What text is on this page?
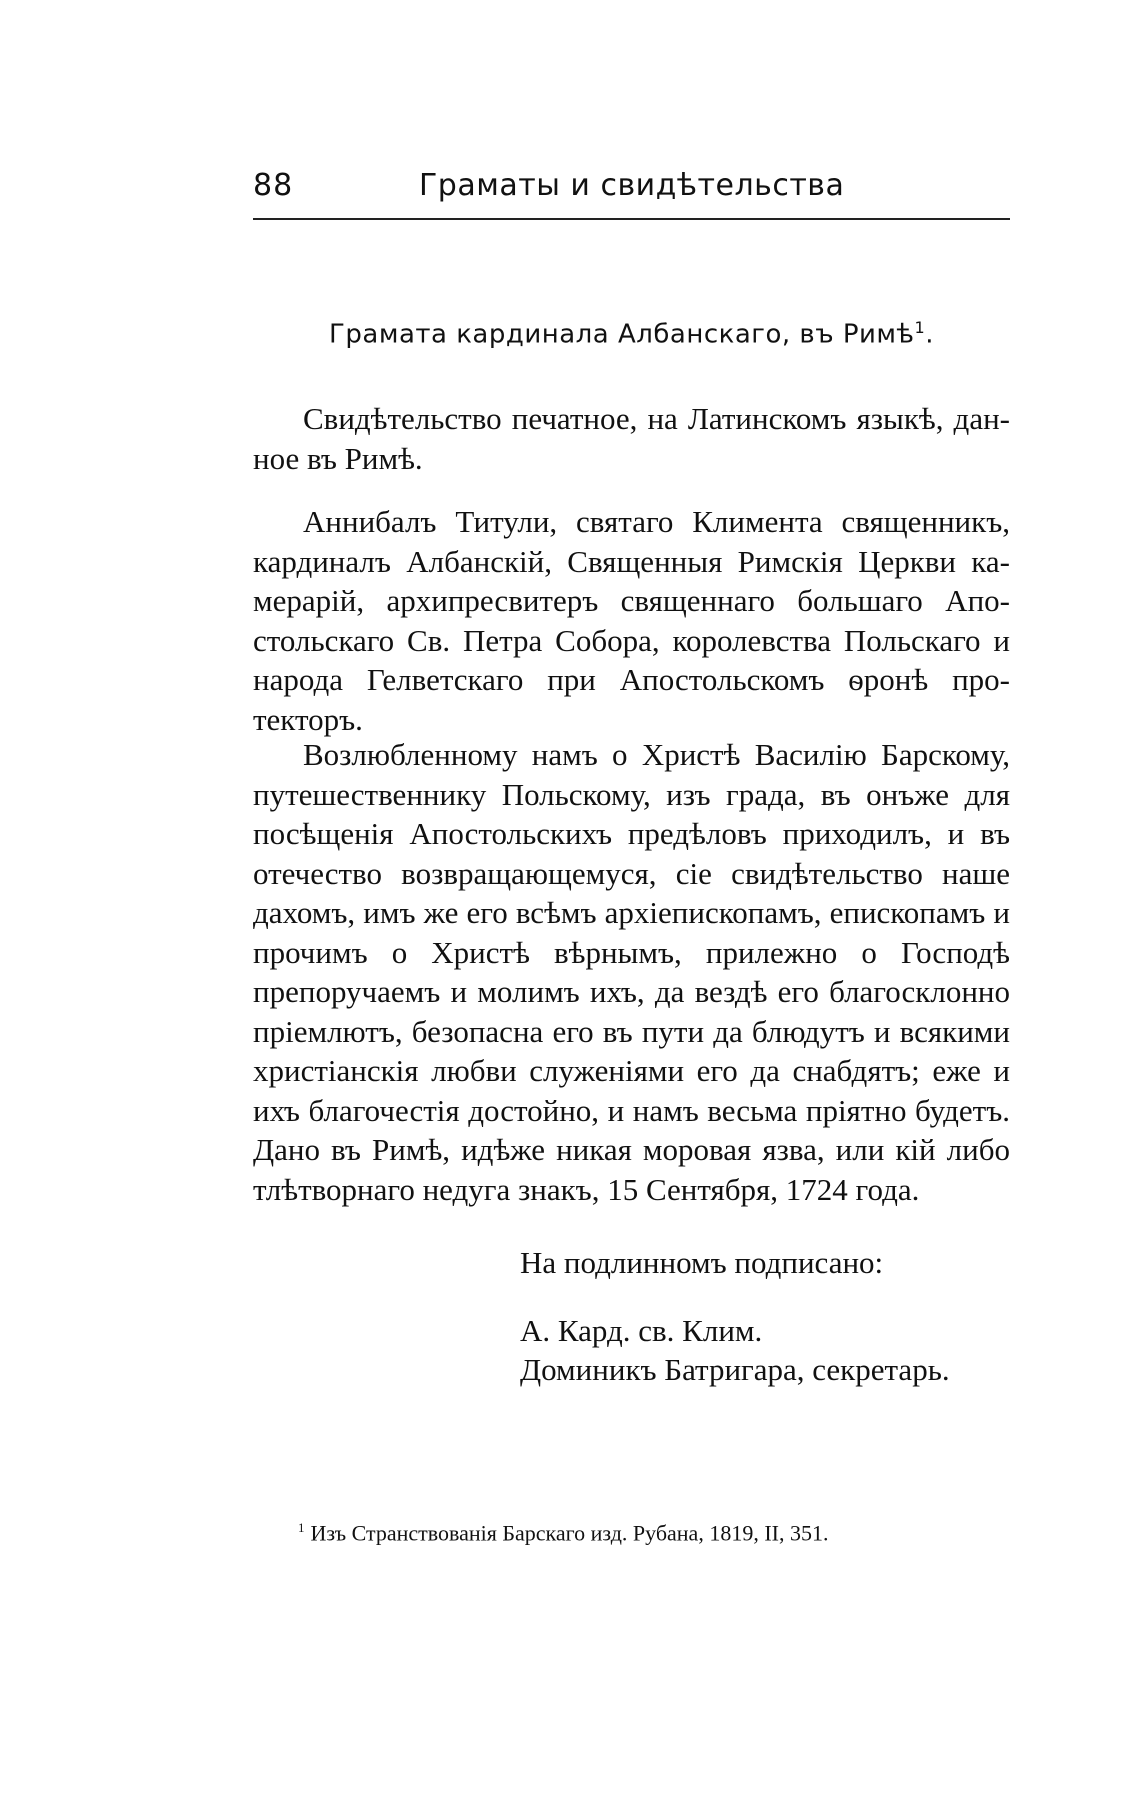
88	Граматы и свидѣтельства
Грамата кардинала Албанскаго, въ Римѣ$^1$.

Свидѣтельство печатное, на Латинскомъ языкѣ, данное въ Римѣ.

Аннибалъ Титули, святаго Климента священникъ, кардиналъ Албанскій, Священныя Римскія Церкви камерарій, архипресвитеръ священнаго большаго Апостольскаго Св. Петра Собора, королевства Польскаго и народа Гелветскаго при Апостольскомъ ѳронѣ протекторъ.

Возлюбленному намъ о Христѣ Василію Барскому, путешественнику Польскому, изъ града, въ онъже для посѣщенія Апостольскихъ предѣловъ приходилъ, и въ отечество возвращающемуся, сіе свидѣтельство наше дахомъ, имъ же его всѣмъ архіепископамъ, епископамъ и прочимъ о Христѣ вѣрнымъ, прилежно о Господѣ препоручаемъ и молимъ ихъ, да вездѣ его благосклонно пріемлютъ, безопасна его въ пути да блюдутъ и всякими христіанскія любви служеніями его да снабдятъ; еже и ихъ благочестія достойно, и намъ весьма пріятно будетъ. Дано въ Римѣ, идѣже никая моровая язва, или кій либо тлѣтворнаго недуга знакъ, 15 Сентября, 1724 года.

На подлинномъ подписано:

А. Кард. св. Клим.

Доминикъ Батригара, секретарь.

$^1$ Изъ Странствованія Барскаго изд. Рубана, 1819, II, 351.
